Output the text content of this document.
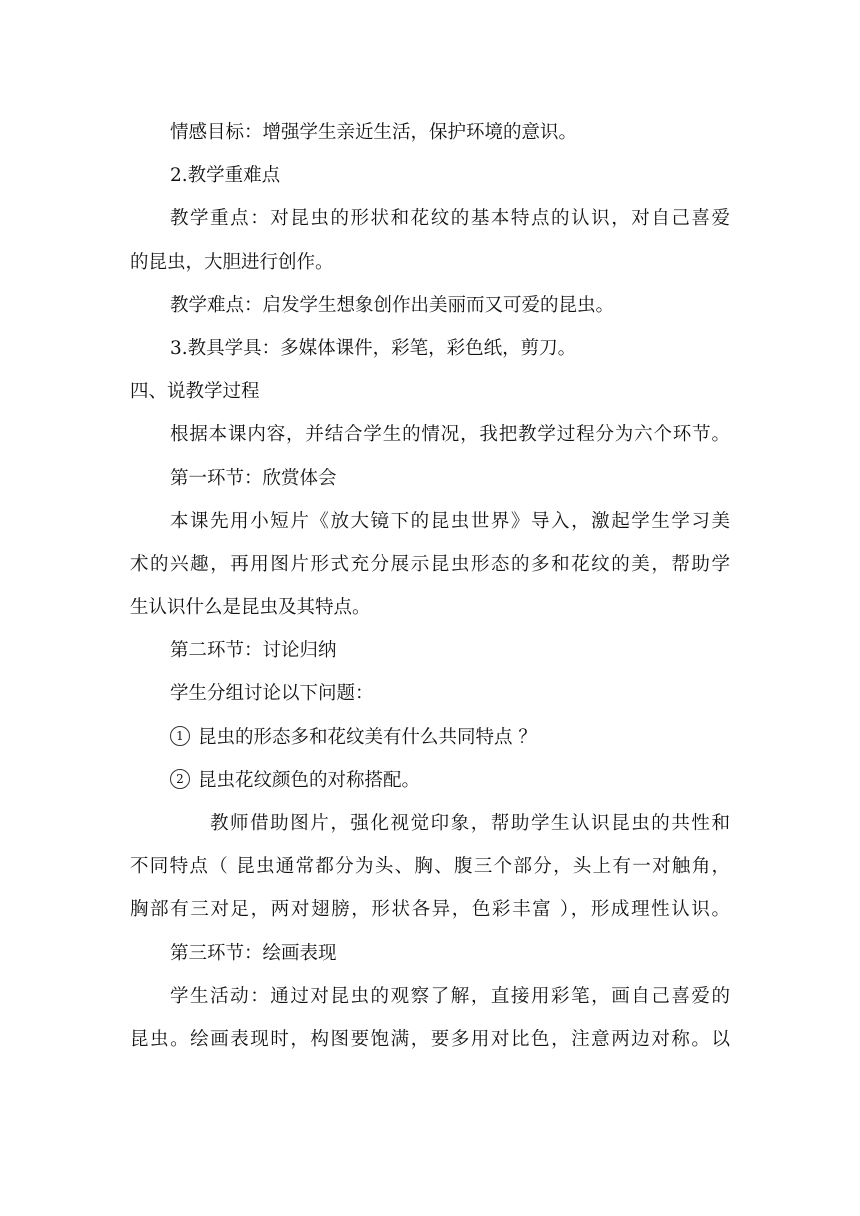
情感目标：增强学生亲近生活，保护环境的意识。
2.教学重难点
教学重点：对昆虫的形状和花纹的基本特点的认识，对自己喜爱
的昆虫，大胆进行创作。
教学难点：启发学生想象创作出美丽而又可爱的昆虫。
3.教具学具：多媒体课件，彩笔，彩色纸，剪刀。
四、说教学过程
根据本课内容，并结合学生的情况，我把教学过程分为六个环节。
第一环节：欣赏体会
本课先用小短片《放大镜下的昆虫世界》导入，激起学生学习美
术的兴趣，再用图片形式充分展示昆虫形态的多和花纹的美，帮助学
生认识什么是昆虫及其特点。
第二环节：讨论归纳
学生分组讨论以下问题：
1 昆虫的形态多和花纹美有什么共同特点 ？
2 昆虫花纹颜色的对称搭配。
教师借助图片，强化视觉印象，帮助学生认识昆虫的共性和
不同特点（ 昆虫通常都分为头、胸、腹三个部分，头上有一对触角，
胸部有三对足，两对翅膀，形状各异，色彩丰富 ），形成理性认识。
第三环节：绘画表现
学生活动：通过对昆虫的观察了解，直接用彩笔，画自己喜爱的
昆虫。绘画表现时，构图要饱满，要多用对比色，注意两边对称。以
